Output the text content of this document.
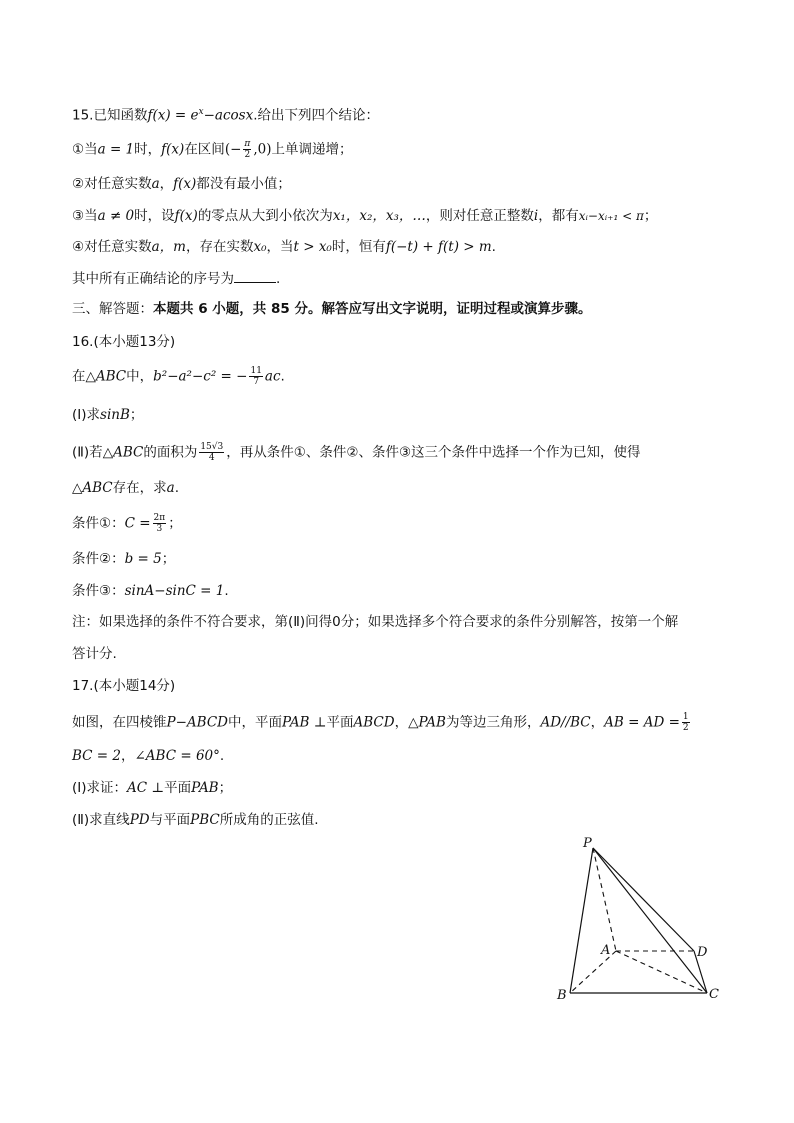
15.已知函数$f(x) = e^x-acosx$.给出下列四个结论：
①当a = 1时，f(x)在区间(− $\frac{\pi}{2} ,0$)上单调递增；
②对任意实数a，f(x)都没有最小值；
③当a ≠ 0时，设f(x)的零点从大到小依次为x₁，x₂，x₃，…，则对任意正整数i，都有xᵢ−xᵢ₊₁ < π；
④对任意实数a，m，存在实数x₀，当t > x₀时，恒有f(−t) + f(t) > m.
其中所有正确结论的序号为	.
三、解答题：本题共 6 小题，共 85 分。解答应写出文字说明，证明过程或演算步骤。
16.(本小题13分)
在△ABC中，b²−a²−c² = − $\frac{11}{7}$ ac.
(Ⅰ)求sinB；
(Ⅱ)若△ABC的面积为 $\frac{15√3}{4}$ ，再从条件①、条件②、条件③这三个条件中选择一个作为已知，使得
△ABC存在，求a.
条件①：$C = \frac{2\pi}{3}$ ；
条件②：b = 5；
条件③：sinA−sinC = 1.
注：如果选择的条件不符合要求，第(Ⅱ)问得0分；如果选择多个符合要求的条件分别解答，按第一个解
答计分.
17.(本小题14分)
如图，在四棱锥P−ABCD中，平面PAB ⊥平面ABCD，△PAB为等边三角形，AD//BC，AB = AD = $\frac{1}{2}$
BC = 2，∠ABC = 60°.
(Ⅰ)求证：AC ⊥平面PAB；
(Ⅱ)求直线PD与平面PBC所成角的正弦值.
P
A	D
B	C
